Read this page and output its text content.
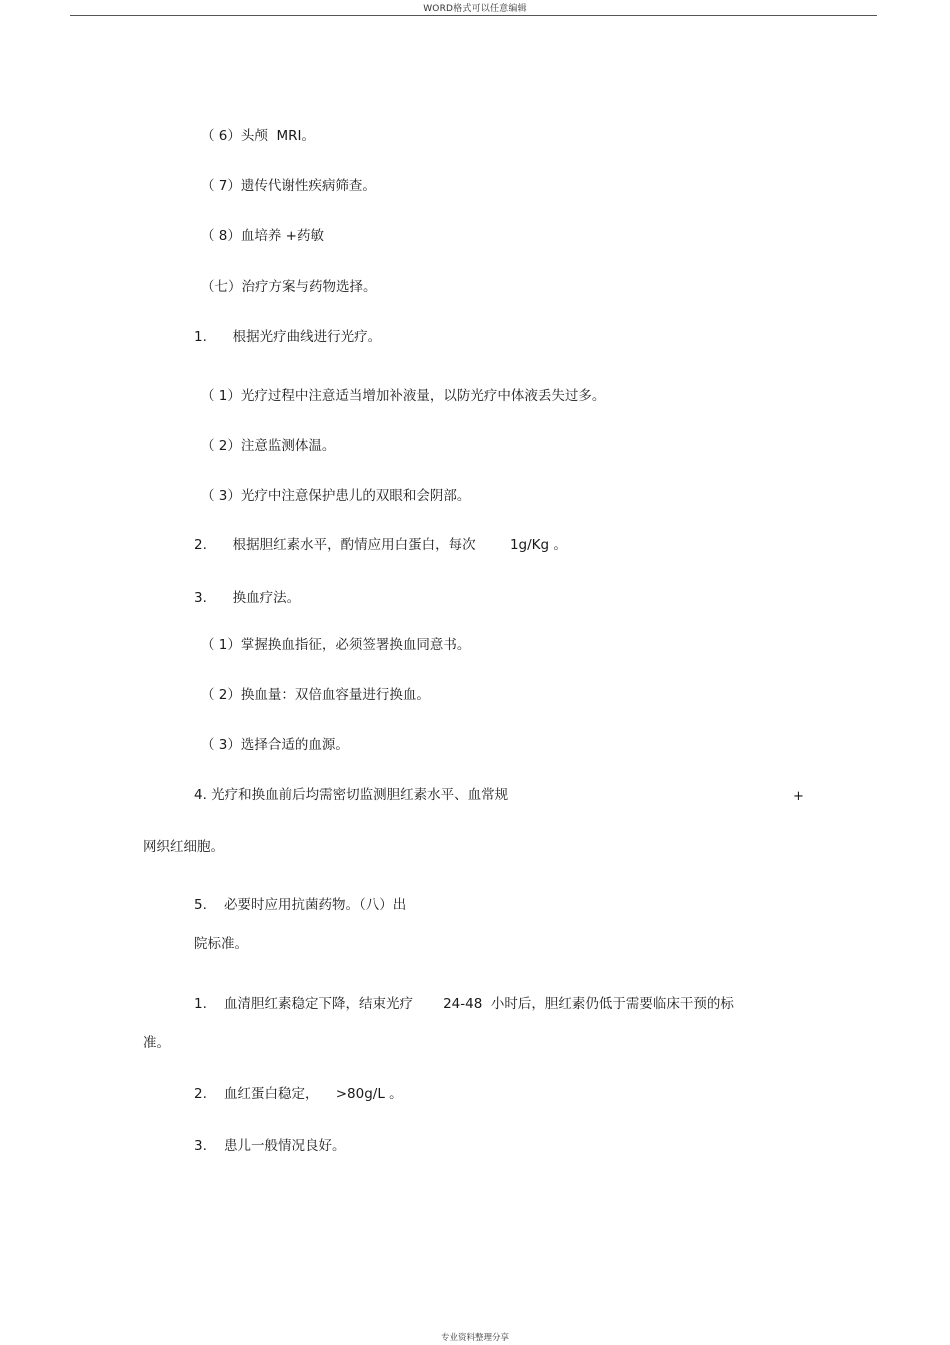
WORD格式可以任意编辑
（ 6）头颅  MRI。
（ 7）遗传代谢性疾病筛查。
（ 8）血培养 +药敏
（七）治疗方案与药物选择。
1.      根据光疗曲线进行光疗。
（ 1）光疗过程中注意适当增加补液量，以防光疗中体液丢失过多。
（ 2）注意监测体温。
（ 3）光疗中注意保护患儿的双眼和会阴部。
2.      根据胆红素水平，酌情应用白蛋白，每次        1g/Kg 。
3.      换血疗法。
（ 1）掌握换血指征，必须签署换血同意书。
（ 2）换血量：双倍血容量进行换血。
（ 3）选择合适的血源。
4. 光疗和换血前后均需密切监测胆红素水平、血常规	+
网织红细胞。
5.    必要时应用抗菌药物。（八）出
院标准。
1.    血清胆红素稳定下降，结束光疗       24-48  小时后，胆红素仍低于需要临床干预的标
准。
2.    血红蛋白稳定，    >80g/L 。
3.    患儿一般情况良好。
专业资料整理分享
